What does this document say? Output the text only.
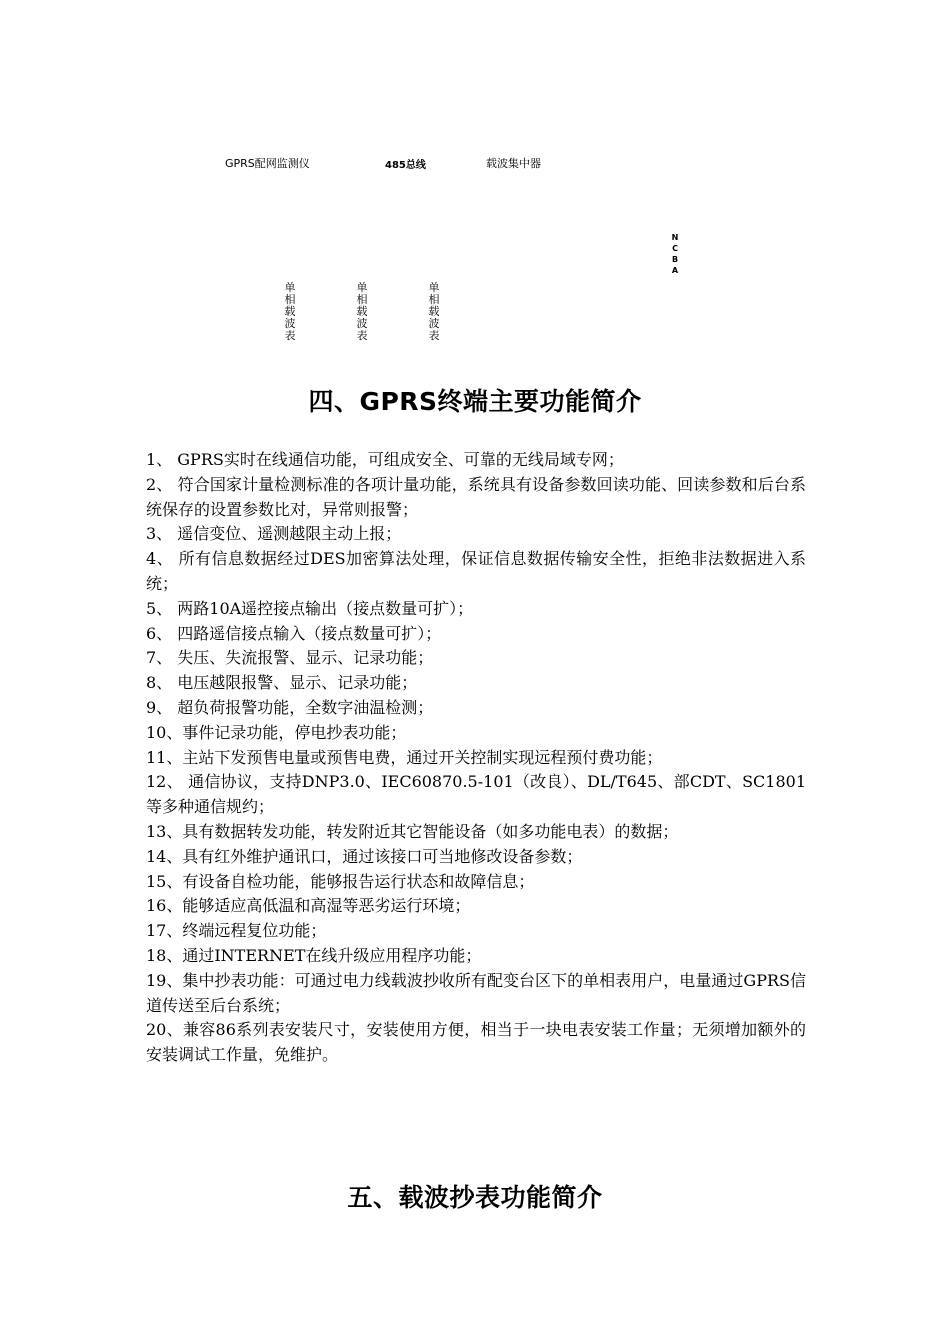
GPRS配网监测仪	485总线	载波集中器
NCBA
单相载波表
单相载波表
单相载波表
四、GPRS终端主要功能简介
1、 GPRS实时在线通信功能，可组成安全、可靠的无线局域专网；
2、 符合国家计量检测标准的各项计量功能，系统具有设备参数回读功能、回读参数和后台系统保存的设置参数比对，异常则报警；
3、 遥信变位、遥测越限主动上报；
4、 所有信息数据经过DES加密算法处理，保证信息数据传输安全性，拒绝非法数据进入系统；
5、 两路10A遥控接点输出（接点数量可扩）；
6、 四路遥信接点输入（接点数量可扩）；
7、 失压、失流报警、显示、记录功能；
8、 电压越限报警、显示、记录功能；
9、 超负荷报警功能，全数字油温检测；
10、事件记录功能，停电抄表功能；
11、主站下发预售电量或预售电费，通过开关控制实现远程预付费功能；
12、 通信协议，支持DNP3.0、IEC60870.5-101（改良）、DL/T645、部CDT、SC1801等多种通信规约；
13、具有数据转发功能，转发附近其它智能设备（如多功能电表）的数据；
14、具有红外维护通讯口，通过该接口可当地修改设备参数；
15、有设备自检功能，能够报告运行状态和故障信息；
16、能够适应高低温和高湿等恶劣运行环境；
17、终端远程复位功能；
18、通过INTERNET在线升级应用程序功能；
19、集中抄表功能：可通过电力线载波抄收所有配变台区下的单相表用户，电量通过GPRS信道传送至后台系统；
20、兼容86系列表安装尺寸，安装使用方便，相当于一块电表安装工作量；无须增加额外的安装调试工作量，免维护。
五、载波抄表功能简介
